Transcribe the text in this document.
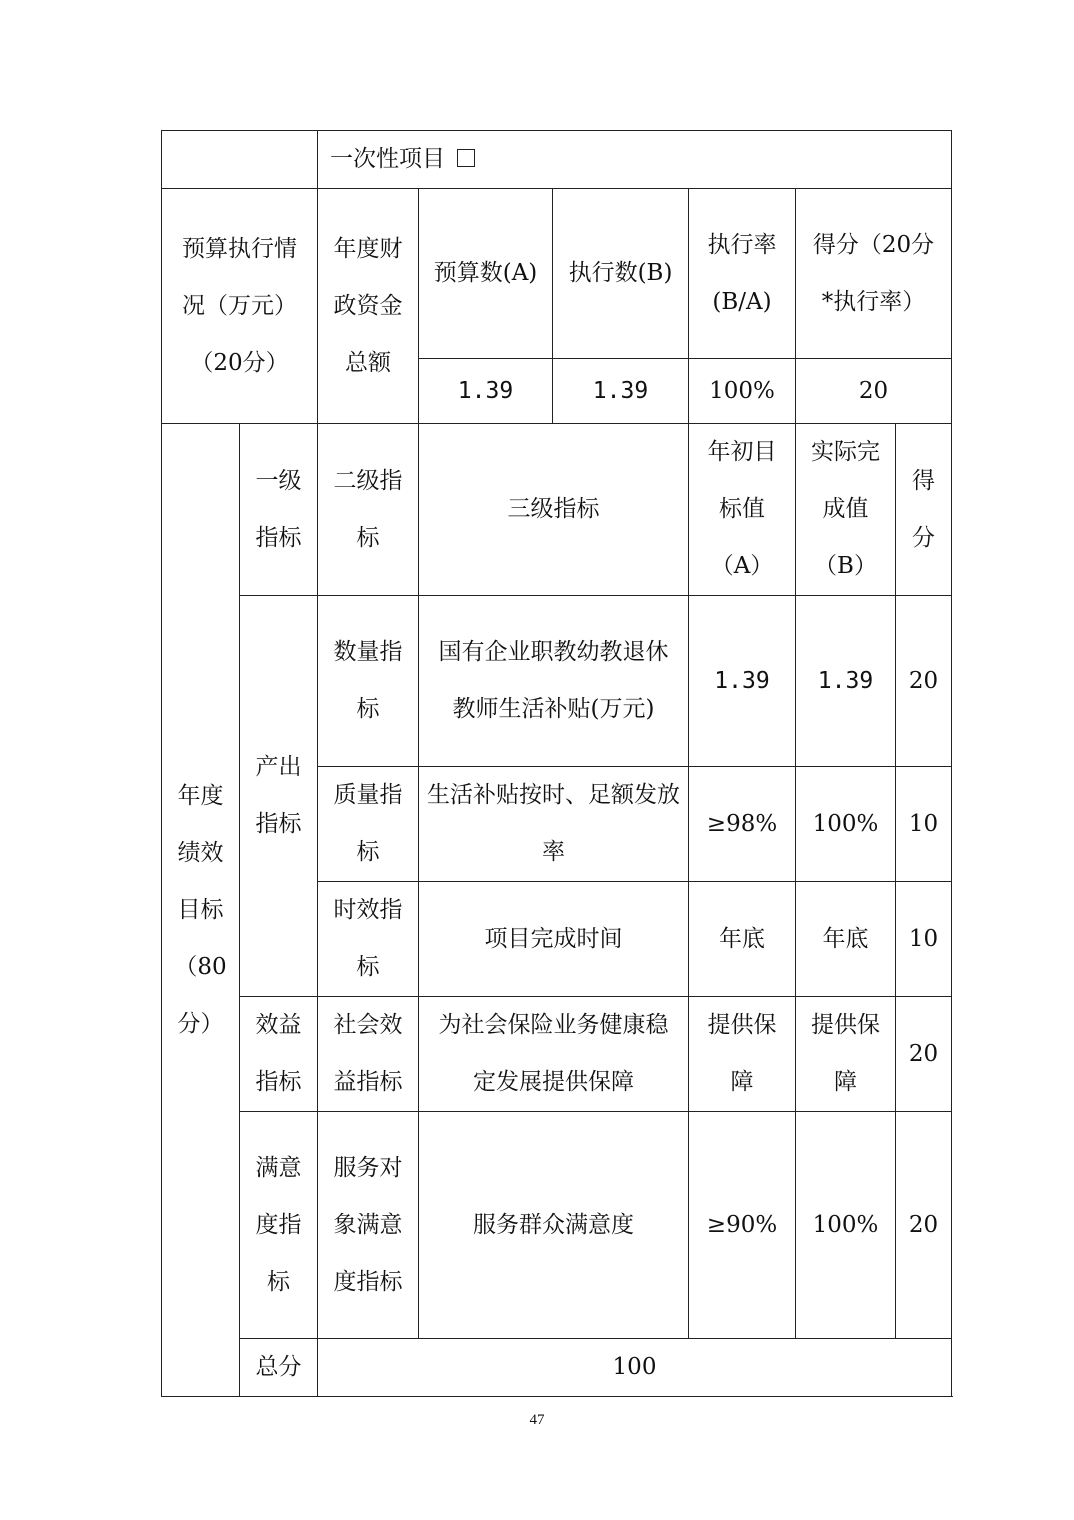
		一次性项目					
预算执行情况（万元）（20分）		年度财政资金总额	预算数(A)	执行数(B)	执行率(B/A)	得分（20分*执行率）	
			1.39	1.39	100%	20	
年度绩效目标（80分）	一级指标	二级指标	三级指标		年初目标值（A）	实际完成值（B）	得分
	产出指标	数量指标	国有企业职教幼教退休教师生活补贴(万元)		1.39	1.39	20
		质量指标	生活补贴按时、足额发放率		≥98%	100%	10
		时效指标	项目完成时间		年底	年底	10
	效益指标	社会效益指标	为社会保险业务健康稳定发展提供保障		提供保障	提供保障	20
	满意度指标	服务对象满意度指标	服务群众满意度		≥90%	100%	20
	总分	100					
47
